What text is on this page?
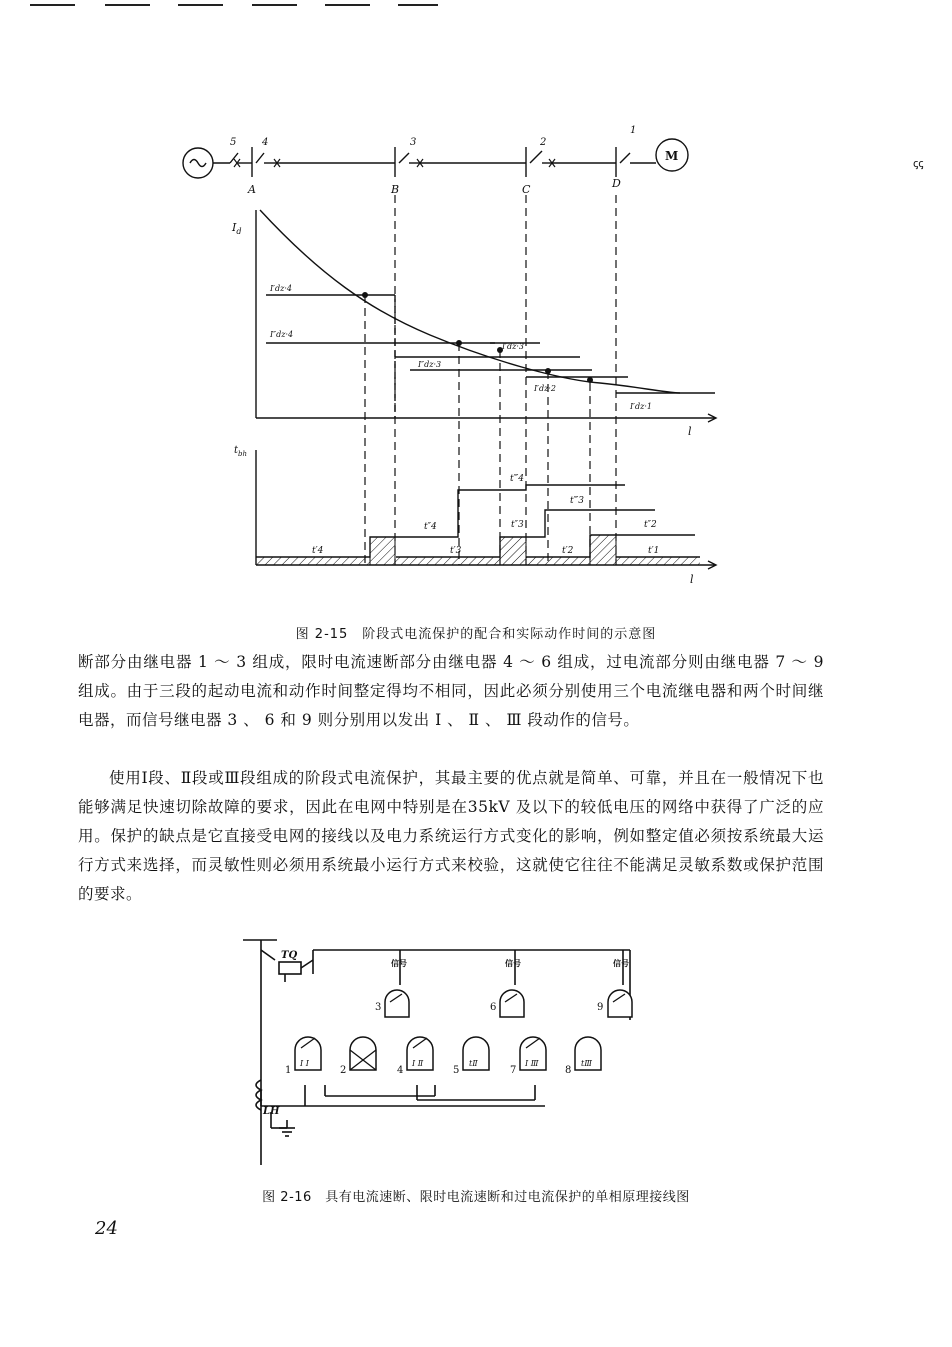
ꞔꞔ
5	4	3	2
1
A	B	C	D
M
$I_d$
I′dz·4
I″dz·4
I″dz·3
I′dz·3
I′dz·2
I′dz·1
l
$t_{bh}$
t′4
t″4
t‴4
t′3
t″3
t‴3
t′2
t″2
t′1
l
图 2-15　阶段式电流保护的配合和实际动作时间的示意图

断部分由继电器 1 ～ 3 组成，限时电流速断部分由继电器 4 ～ 6 组成，过电流部分则由继电器 7 ～ 9 组成。由于三段的起动电流和动作时间整定得均不相同，因此必须分别使用三个电流继电器和两个时间继电器，而信号继电器 3 、 6 和 9 则分别用以发出 Ⅰ 、 Ⅱ 、 Ⅲ 段动作的信号。

使用Ⅰ段、Ⅱ段或Ⅲ段组成的阶段式电流保护，其最主要的优点就是简单、可靠，并且在一般情况下也能够满足快速切除故障的要求，因此在电网中特别是在35kV 及以下的较低电压的网络中获得了广泛的应用。保护的缺点是它直接受电网的接线以及电力系统运行方式变化的影响，例如整定值必须按系统最大运行方式来选择，而灵敏性则必须用系统最小运行方式来校验，这就使它往往不能满足灵敏系数或保护范围的要求。

TQ
LH
信号	信号	信号
1	2
3
4	5
6
7	8
9
I Ⅰ	I Ⅱ	tⅡ	I Ⅲ	tⅢ
图 2-16　具有电流速断、限时电流速断和过电流保护的单相原理接线图
24
